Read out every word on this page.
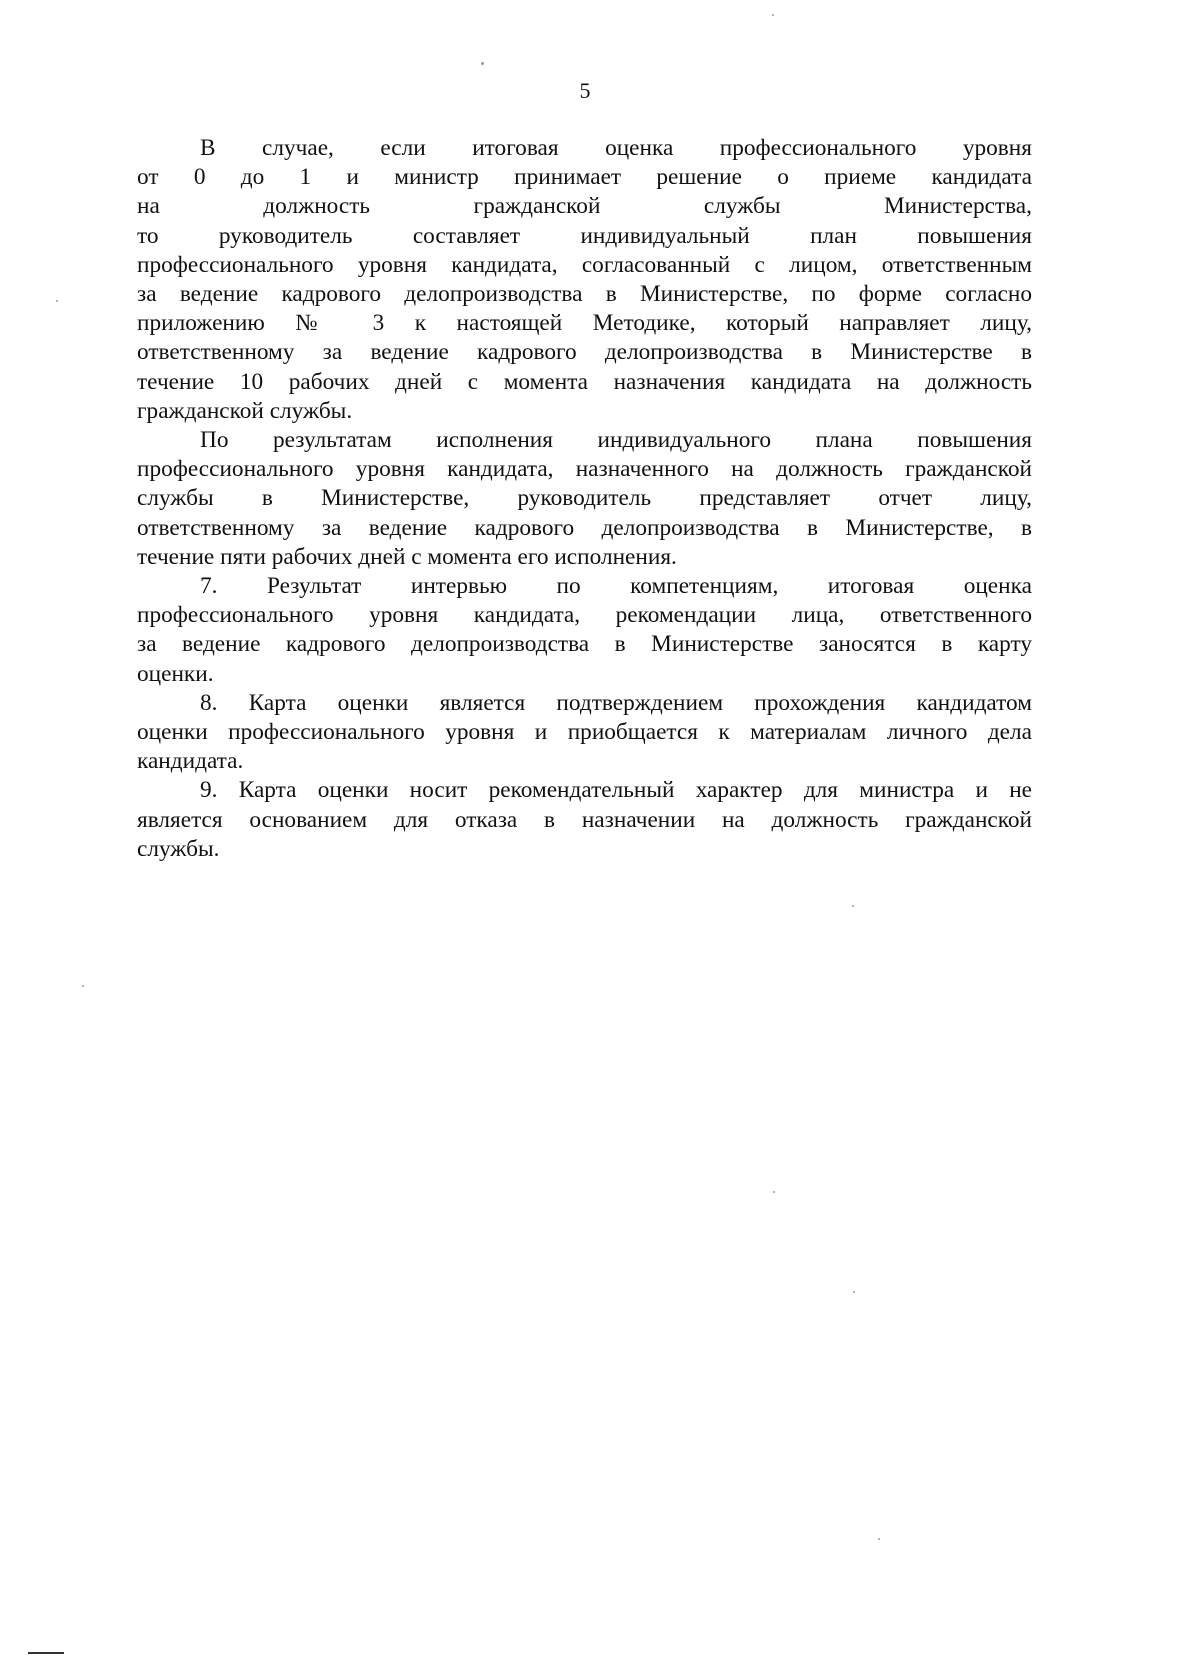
5
В случае, если итоговая оценка профессионального уровня
от 0 до 1 и министр принимает решение о приеме кандидата
на	должность	гражданской	службы	Министерства,
то	руководитель	составляет	индивидуальный	план	повышения
профессионального уровня кандидата, согласованный с лицом, ответственным
за ведение кадрового делопроизводства в Министерстве, по форме согласно
приложению № 3 к настоящей Методике, который направляет лицу,
ответственному за ведение кадрового делопроизводства в Министерстве в
течение 10 рабочих дней с момента назначения кандидата на должность
гражданской службы.
По результатам исполнения индивидуального плана повышения
профессионального уровня кандидата, назначенного на должность гражданской
службы в Министерстве, руководитель представляет отчет лицу,
ответственному за ведение кадрового делопроизводства в Министерстве, в
течение пяти рабочих дней с момента его исполнения.
7. Результат интервью по компетенциям, итоговая оценка
профессионального уровня кандидата, рекомендации лица, ответственного
за ведение кадрового делопроизводства в Министерстве заносятся в карту
оценки.
8. Карта оценки является подтверждением прохождения кандидатом
оценки профессионального уровня и приобщается к материалам личного дела
кандидата.
9. Карта оценки носит рекомендательный характер для министра и не
является основанием для отказа в назначении на должность гражданской
службы.
